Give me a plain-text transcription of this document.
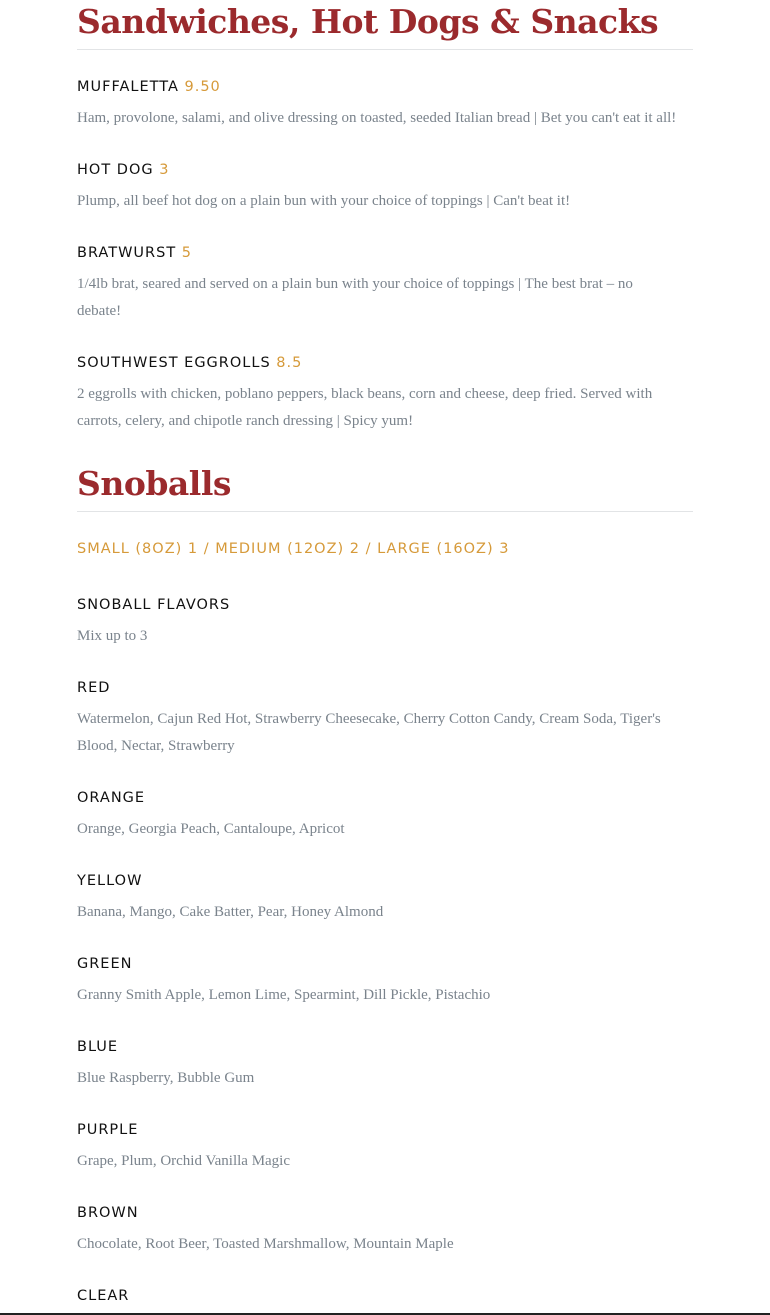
Sandwiches, Hot Dogs & Snacks
MUFFALETTA 9.50
Ham, provolone, salami, and olive dressing on toasted, seeded Italian bread | Bet you can't eat it all!
HOT DOG 3
Plump, all beef hot dog on a plain bun with your choice of toppings | Can't beat it!
BRATWURST 5
1/4lb brat, seared and served on a plain bun with your choice of toppings | The best brat – no debate!
SOUTHWEST EGGROLLS 8.5
2 eggrolls with chicken, poblano peppers, black beans, corn and cheese, deep fried. Served with carrots, celery, and chipotle ranch dressing | Spicy yum!
Snoballs
SMALL (8OZ) 1 / MEDIUM (12OZ) 2 / LARGE (16OZ) 3
SNOBALL FLAVORS
Mix up to 3
RED
Watermelon, Cajun Red Hot, Strawberry Cheesecake, Cherry Cotton Candy, Cream Soda, Tiger's Blood, Nectar, Strawberry
ORANGE
Orange, Georgia Peach, Cantaloupe, Apricot
YELLOW
Banana, Mango, Cake Batter, Pear, Honey Almond
GREEN
Granny Smith Apple, Lemon Lime, Spearmint, Dill Pickle, Pistachio
BLUE
Blue Raspberry, Bubble Gum
PURPLE
Grape, Plum, Orchid Vanilla Magic
BROWN
Chocolate, Root Beer, Toasted Marshmallow, Mountain Maple
CLEAR
